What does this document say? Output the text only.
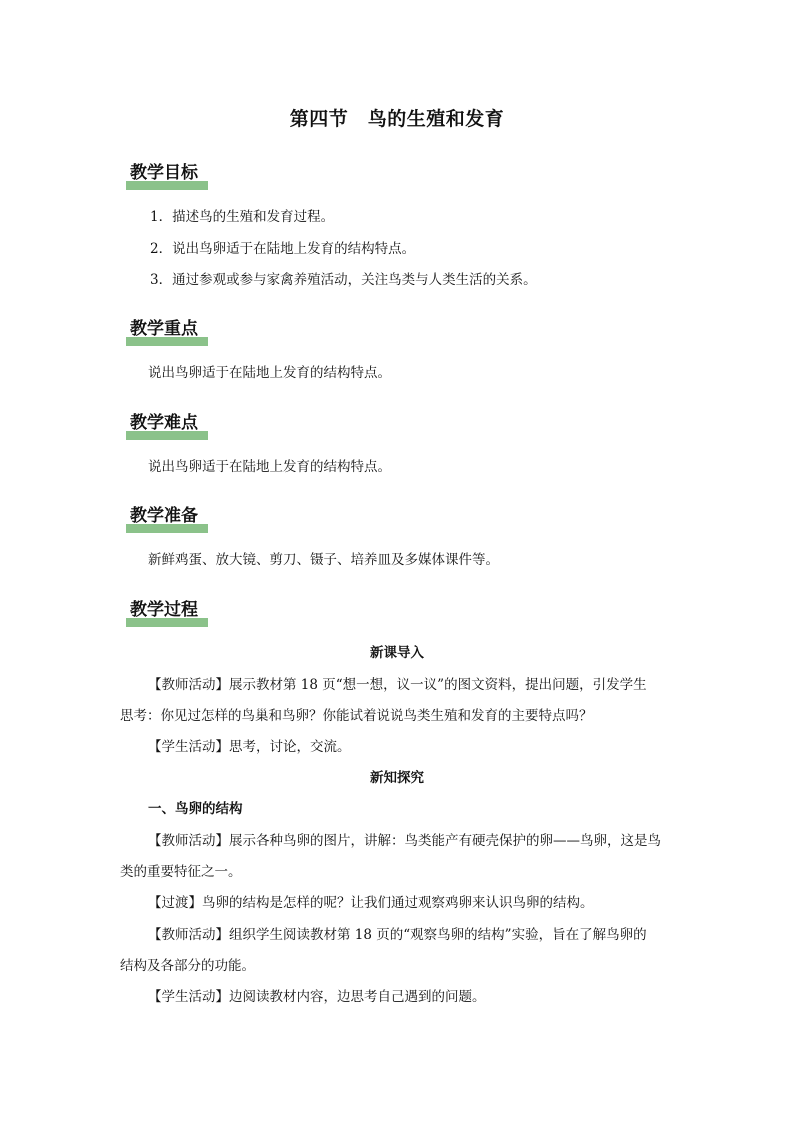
第四节　鸟的生殖和发育
教学目标
1．描述鸟的生殖和发育过程。
2．说出鸟卵适于在陆地上发育的结构特点。
3．通过参观或参与家禽养殖活动，关注鸟类与人类生活的关系。
教学重点
说出鸟卵适于在陆地上发育的结构特点。
教学难点
说出鸟卵适于在陆地上发育的结构特点。
教学准备
新鲜鸡蛋、放大镜、剪刀、镊子、培养皿及多媒体课件等。
教学过程
新课导入
【教师活动】展示教材第 18 页“想一想，议一议”的图文资料，提出问题，引发学生
思考：你见过怎样的鸟巢和鸟卵？你能试着说说鸟类生殖和发育的主要特点吗？
【学生活动】思考，讨论，交流。
新知探究
一、鸟卵的结构
【教师活动】展示各种鸟卵的图片，讲解：鸟类能产有硬壳保护的卵——鸟卵，这是鸟
类的重要特征之一。
【过渡】鸟卵的结构是怎样的呢？让我们通过观察鸡卵来认识鸟卵的结构。
【教师活动】组织学生阅读教材第 18 页的“观察鸟卵的结构”实验，旨在了解鸟卵的
结构及各部分的功能。
【学生活动】边阅读教材内容，边思考自己遇到的问题。
